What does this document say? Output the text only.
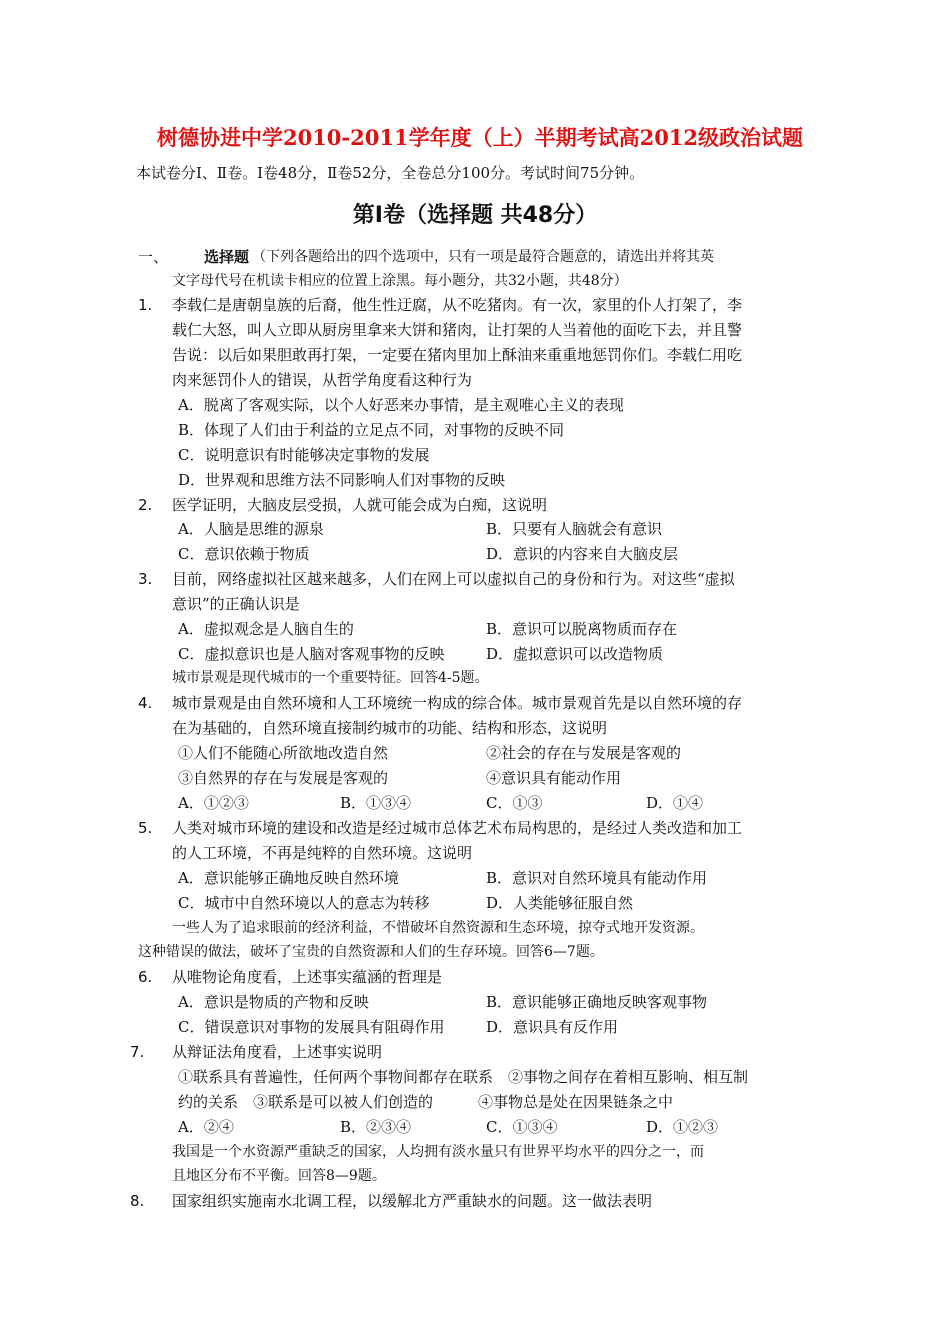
树德协进中学2010-2011学年度（上）半期考试高2012级政治试题
本试卷分Ⅰ、Ⅱ卷。Ⅰ卷48分，Ⅱ卷52分，全卷总分100分。考试时间75分钟。
第Ⅰ卷（选择题 共48分）
一、 选择题 （下列各题给出的四个选项中，只有一项是最符合题意的，请选出并将其英
文字母代号在机读卡相应的位置上涂黑。每小题分，共32小题，共48分）
1. 李载仁是唐朝皇族的后裔，他生性迂腐，从不吃猪肉。有一次，家里的仆人打架了，李
载仁大怒，叫人立即从厨房里拿来大饼和猪肉，让打架的人当着他的面吃下去，并且警
告说：以后如果胆敢再打架，一定要在猪肉里加上酥油来重重地惩罚你们。李载仁用吃
肉来惩罚仆人的错误，从哲学角度看这种行为
A．脱离了客观实际，以个人好恶来办事情，是主观唯心主义的表现
B．体现了人们由于利益的立足点不同，对事物的反映不同
C．说明意识有时能够决定事物的发展
D．世界观和思维方法不同影响人们对事物的反映
2. 医学证明，大脑皮层受损，人就可能会成为白痴，这说明
A．人脑是思维的源泉	B．只要有人脑就会有意识
C．意识依赖于物质	D．意识的内容来自大脑皮层
3. 目前，网络虚拟社区越来越多，人们在网上可以虚拟自己的身份和行为。对这些“虚拟
意识”的正确认识是
A．虚拟观念是人脑自生的	B．意识可以脱离物质而存在
C．虚拟意识也是人脑对客观事物的反映	D．虚拟意识可以改造物质
城市景观是现代城市的一个重要特征。回答4-5题。
4. 城市景观是由自然环境和人工环境统一构成的综合体。城市景观首先是以自然环境的存
在为基础的，自然环境直接制约城市的功能、结构和形态，这说明
①人们不能随心所欲地改造自然	②社会的存在与发展是客观的
③自然界的存在与发展是客观的	④意识具有能动作用
A．①②③	B．①③④	C．①③	D．①④
5. 人类对城市环境的建设和改造是经过城市总体艺术布局构思的，是经过人类改造和加工
的人工环境，不再是纯粹的自然环境。这说明
A．意识能够正确地反映自然环境	B．意识对自然环境具有能动作用
C．城市中自然环境以人的意志为转移	D．人类能够征服自然
一些人为了追求眼前的经济利益，不惜破坏自然资源和生态环境，掠夺式地开发资源。
这种错误的做法，破坏了宝贵的自然资源和人们的生存环境。回答6—7题。
6. 从唯物论角度看，上述事实蕴涵的哲理是
A．意识是物质的产物和反映	B．意识能够正确地反映客观事物
C．错误意识对事物的发展具有阻碍作用	D．意识具有反作用
7. 从辩证法角度看，上述事实说明
①联系具有普遍性，任何两个事物间都存在联系　②事物之间存在着相互影响、相互制
约的关系　③联系是可以被人们创造的　　　④事物总是处在因果链条之中
A．②④	B．②③④	C．①③④	D．①②③
我国是一个水资源严重缺乏的国家，人均拥有淡水量只有世界平均水平的四分之一，而
且地区分布不平衡。回答8—9题。
8. 国家组织实施南水北调工程，以缓解北方严重缺水的问题。这一做法表明
